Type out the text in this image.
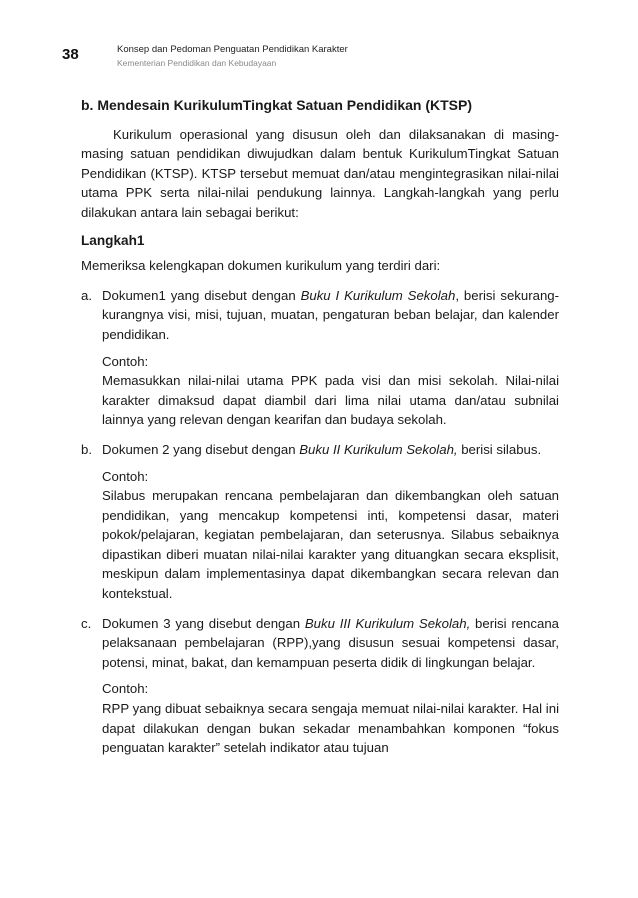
38	Konsep dan Pedoman Penguatan Pendidikan Karakter
Kementerian Pendidikan dan Kebudayaan
b. Mendesain KurikulumTingkat Satuan Pendidikan (KTSP)

Kurikulum operasional yang disusun oleh dan dilaksanakan di masing-masing satuan pendidikan diwujudkan dalam bentuk KurikulumTingkat Satuan Pendidikan (KTSP). KTSP tersebut memuat dan/atau mengintegrasikan nilai-nilai utama PPK serta nilai-nilai pendukung lainnya. Langkah-langkah yang perlu dilakukan antara lain sebagai berikut:

Langkah1

Memeriksa kelengkapan dokumen kurikulum yang terdiri dari:

a. Dokumen1 yang disebut dengan Buku I Kurikulum Sekolah, berisi sekurang- kurangnya visi, misi, tujuan, muatan, pengaturan beban belajar, dan kalender pendidikan.
Contoh:
Memasukkan nilai-nilai utama PPK pada visi dan misi sekolah. Nilai-nilai karakter dimaksud dapat diambil dari lima nilai utama dan/atau subnilai lainnya yang relevan dengan kearifan dan budaya sekolah.
b. Dokumen 2 yang disebut dengan Buku II Kurikulum Sekolah, berisi silabus.
Contoh:
Silabus merupakan rencana pembelajaran dan dikembangkan oleh satuan pendidikan, yang mencakup kompetensi inti, kompetensi dasar, materi pokok/pelajaran, kegiatan pembelajaran, dan seterusnya. Silabus sebaiknya dipastikan diberi muatan nilai-nilai karakter yang dituangkan secara eksplisit, meskipun dalam implementasinya dapat dikembangkan secara relevan dan kontekstual.
c. Dokumen 3 yang disebut dengan Buku III Kurikulum Sekolah, berisi rencana pelaksanaan pembelajaran (RPP),yang disusun sesuai kompetensi dasar, potensi, minat, bakat, dan kemampuan peserta didik di lingkungan belajar.
Contoh:
RPP yang dibuat sebaiknya secara sengaja memuat nilai-nilai karakter. Hal ini dapat dilakukan dengan bukan sekadar menambahkan komponen “fokus penguatan karakter” setelah indikator atau tujuan
